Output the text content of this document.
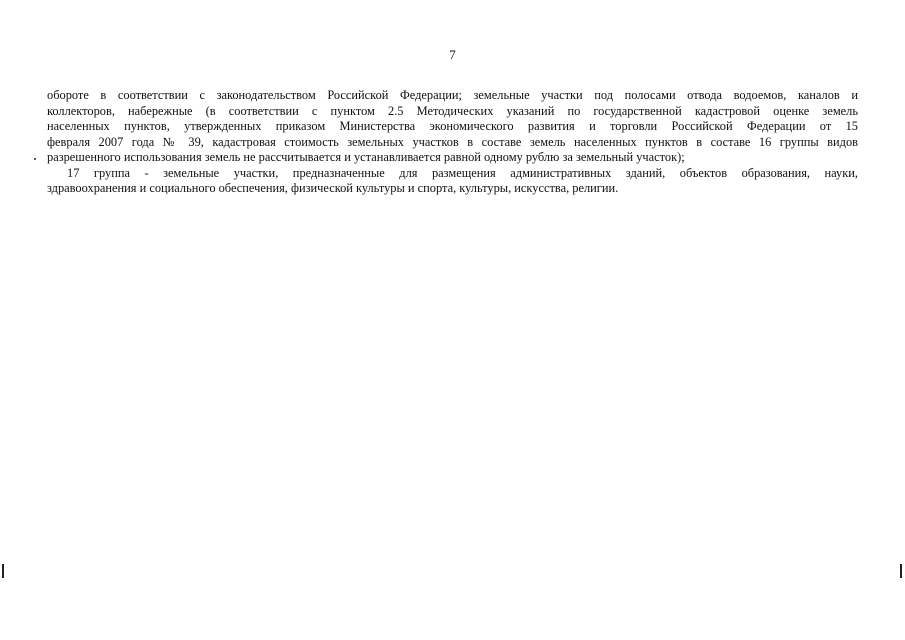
7
обороте в соответствии с законодательством Российской Федерации; земельные участки под полосами отвода водоемов, каналов и
коллекторов, набережные (в соответствии с пунктом 2.5 Методических указаний по государственной кадастровой оценке земель
населенных пунктов, утвержденных приказом Министерства экономического развития и торговли Российской Федерации от 15
февраля 2007 года № 39, кадастровая стоимость земельных участков в составе земель населенных пунктов в составе 16 группы видов
разрешенного использования земель не рассчитывается и устанавливается равной одному рублю за земельный участок);
17 группа - земельные участки, предназначенные для размещения административных зданий, объектов образования, науки,
здравоохранения и социального обеспечения, физической культуры и спорта, культуры, искусства, религии.
